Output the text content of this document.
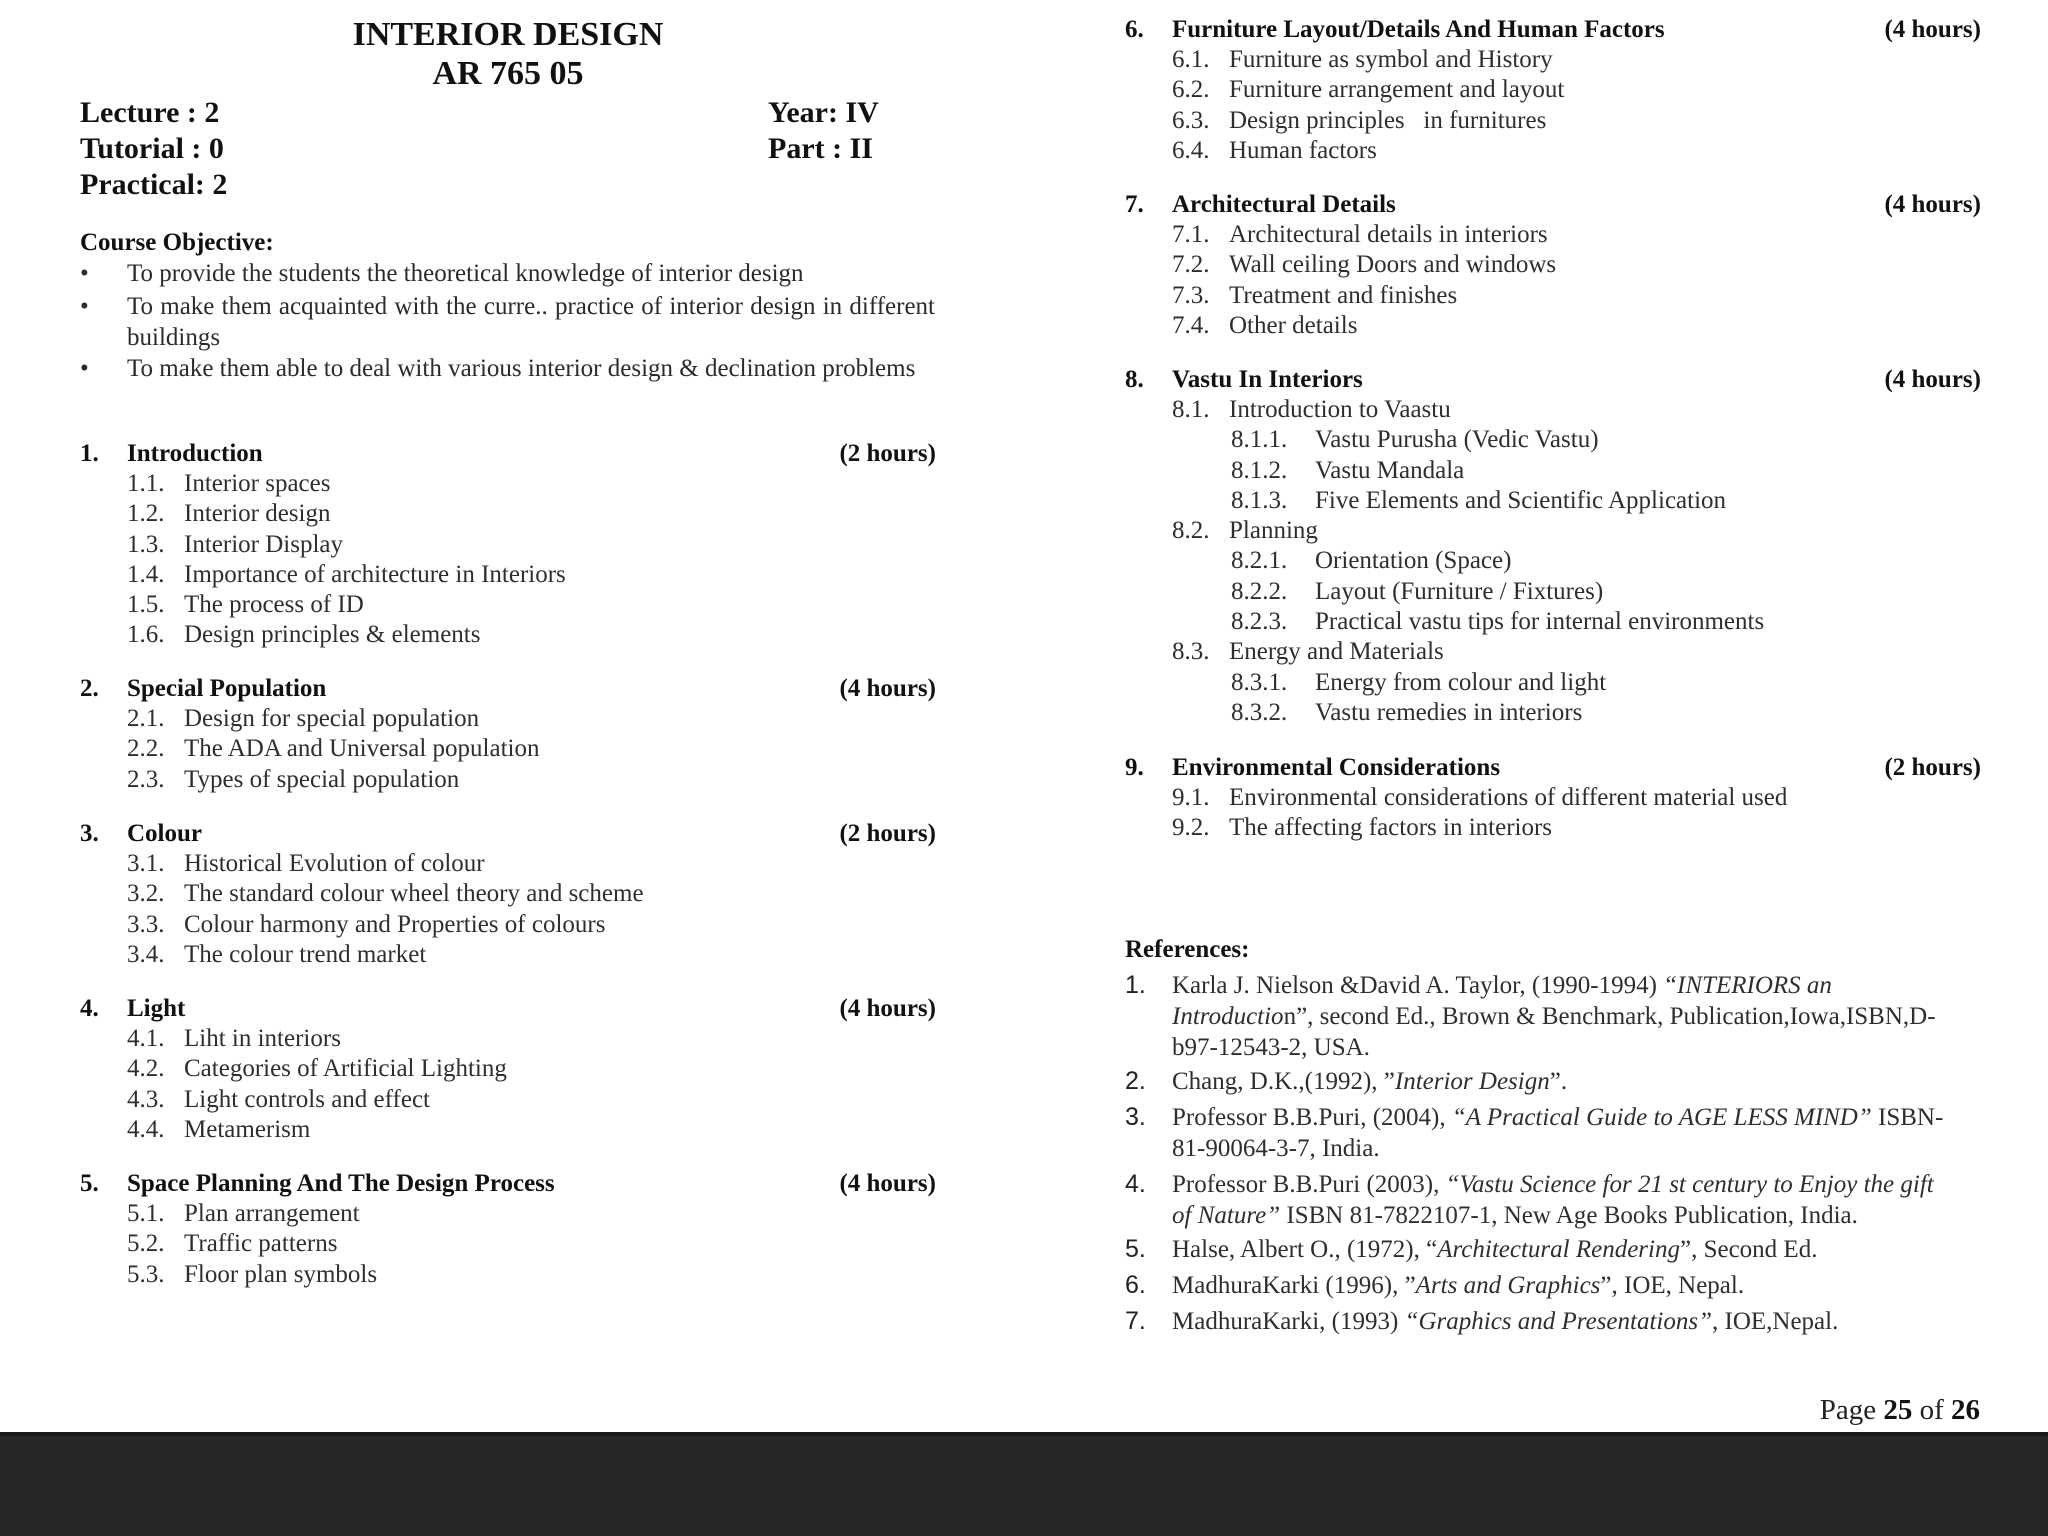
INTERIOR DESIGN
AR 765 05
Lecture : 2
Tutorial : 0
Practical: 2
Year: IV
Part : II
Course Objective:
• To provide the students the theoretical knowledge of interior design
• To make them acquainted with the curre.. practice of interior design in different buildings
• To make them able to deal with various interior design & declination problems
1. Introduction	(2 hours)
1.1. Interior spaces
1.2. Interior design
1.3. Interior Display
1.4. Importance of architecture in Interiors
1.5. The process of ID
1.6. Design principles & elements
2. Special Population	(4 hours)
2.1. Design for special population
2.2. The ADA and Universal population
2.3. Types of special population
3. Colour	(2 hours)
3.1. Historical Evolution of colour
3.2. The standard colour wheel theory and scheme
3.3. Colour harmony and Properties of colours
3.4. The colour trend market
4. Light	(4 hours)
4.1. Liht in interiors
4.2. Categories of Artificial Lighting
4.3. Light controls and effect
4.4. Metamerism
5. Space Planning And The Design Process	(4 hours)
5.1. Plan arrangement
5.2. Traffic patterns
5.3. Floor plan symbols
6. Furniture Layout/Details And Human Factors	(4 hours)
6.1. Furniture as symbol and History
6.2. Furniture arrangement and layout
6.3. Design principles   in furnitures
6.4. Human factors
7. Architectural Details	(4 hours)
7.1. Architectural details in interiors
7.2. Wall ceiling Doors and windows
7.3. Treatment and finishes
7.4. Other details
8. Vastu In Interiors	(4 hours)
8.1. Introduction to Vaastu
8.1.1. Vastu Purusha (Vedic Vastu)
8.1.2. Vastu Mandala
8.1.3. Five Elements and Scientific Application
8.2. Planning
8.2.1. Orientation (Space)
8.2.2. Layout (Furniture / Fixtures)
8.2.3. Practical vastu tips for internal environments
8.3. Energy and Materials
8.3.1. Energy from colour and light
8.3.2. Vastu remedies in interiors
9. Environmental Considerations	(2 hours)
9.1. Environmental considerations of different material used
9.2. The affecting factors in interiors
References:
1. Karla J. Nielson &David A. Taylor, (1990-1994) “INTERIORS an Introduction”, second Ed., Brown & Benchmark, Publication,Iowa,ISBN,D-b97-12543-2, USA.
2. Chang, D.K.,(1992), ”Interior Design”.
3. Professor B.B.Puri, (2004), “A Practical Guide to AGE LESS MIND” ISBN-81-90064-3-7, India.
4. Professor B.B.Puri (2003), “Vastu Science for 21 st century to Enjoy the gift of Nature” ISBN 81-7822107-1, New Age Books Publication, India.
5. Halse, Albert O., (1972), “Architectural Rendering”, Second Ed.
6. MadhuraKarki (1996), ”Arts and Graphics”, IOE, Nepal.
7. MadhuraKarki, (1993) “Graphics and Presentations”, IOE,Nepal.
Page 25 of 26
